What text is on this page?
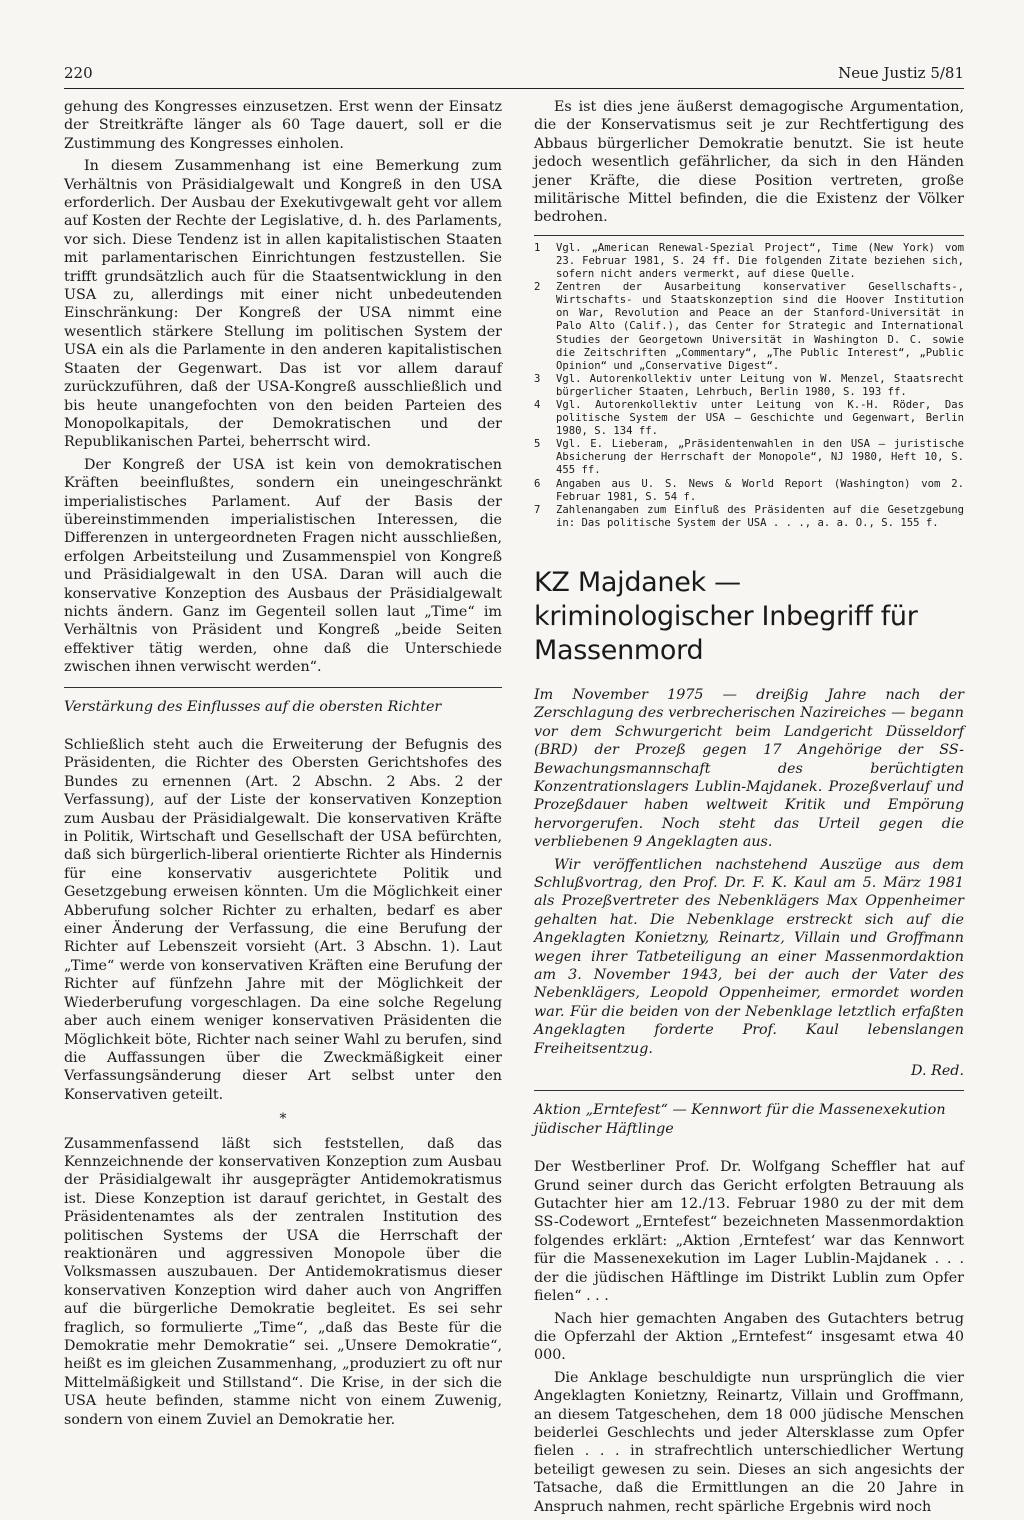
220	Neue Justiz 5/81

gehung des Kongresses einzusetzen. Erst wenn der Einsatz der Streitkräfte länger als 60 Tage dauert, soll er die Zustimmung des Kongresses einholen.

In diesem Zusammenhang ist eine Bemerkung zum Verhältnis von Präsidialgewalt und Kongreß in den USA erforderlich. Der Ausbau der Exekutivgewalt geht vor allem auf Kosten der Rechte der Legislative, d. h. des Parlaments, vor sich. Diese Tendenz ist in allen kapitalistischen Staaten mit parlamentarischen Einrichtungen festzustellen. Sie trifft grundsätzlich auch für die Staatsentwicklung in den USA zu, allerdings mit einer nicht unbedeutenden Einschränkung: Der Kongreß der USA nimmt eine wesentlich stärkere Stellung im politischen System der USA ein als die Parlamente in den anderen kapitalistischen Staaten der Gegenwart. Das ist vor allem darauf zurückzuführen, daß der USA-Kongreß ausschließlich und bis heute unangefochten von den beiden Parteien des Monopolkapitals, der Demokratischen und der Republikanischen Partei, beherrscht wird.

Der Kongreß der USA ist kein von demokratischen Kräften beeinflußtes, sondern ein uneingeschränkt imperialistisches Parlament. Auf der Basis der übereinstimmenden imperialistischen Interessen, die Differenzen in untergeordneten Fragen nicht ausschließen, erfolgen Arbeitsteilung und Zusammenspiel von Kongreß und Präsidialgewalt in den USA. Daran will auch die konservative Konzeption des Ausbaus der Präsidialgewalt nichts ändern. Ganz im Gegenteil sollen laut „Time“ im Verhältnis von Präsident und Kongreß „beide Seiten effektiver tätig werden, ohne daß die Unterschiede zwischen ihnen verwischt werden“.

Verstärkung des Einflusses auf die obersten Richter

Schließlich steht auch die Erweiterung der Befugnis des Präsidenten, die Richter des Obersten Gerichtshofes des Bundes zu ernennen (Art. 2 Abschn. 2 Abs. 2 der Verfassung), auf der Liste der konservativen Konzeption zum Ausbau der Präsidialgewalt. Die konservativen Kräfte in Politik, Wirtschaft und Gesellschaft der USA befürchten, daß sich bürgerlich-liberal orientierte Richter als Hindernis für eine konservativ ausgerichtete Politik und Gesetzgebung erweisen könnten. Um die Möglichkeit einer Abberufung solcher Richter zu erhalten, bedarf es aber einer Änderung der Verfassung, die eine Berufung der Richter auf Lebenszeit vorsieht (Art. 3 Abschn. 1). Laut „Time“ werde von konservativen Kräften eine Berufung der Richter auf fünfzehn Jahre mit der Möglichkeit der Wiederberufung vorgeschlagen. Da eine solche Regelung aber auch einem weniger konservativen Präsidenten die Möglichkeit böte, Richter nach seiner Wahl zu berufen, sind die Auffassungen über die Zweckmäßigkeit einer Verfassungsänderung dieser Art selbst unter den Konservativen geteilt.

*

Zusammenfassend läßt sich feststellen, daß das Kennzeichnende der konservativen Konzeption zum Ausbau der Präsidialgewalt ihr ausgeprägter Antidemokratismus ist. Diese Konzeption ist darauf gerichtet, in Gestalt des Präsidentenamtes als der zentralen Institution des politischen Systems der USA die Herrschaft der reaktionären und aggressiven Monopole über die Volksmassen auszubauen. Der Antidemokratismus dieser konservativen Konzeption wird daher auch von Angriffen auf die bürgerliche Demokratie begleitet. Es sei sehr fraglich, so formulierte „Time“, „daß das Beste für die Demokratie mehr Demokratie“ sei. „Unsere Demokratie“, heißt es im gleichen Zusammenhang, „produziert zu oft nur Mittelmäßigkeit und Stillstand“. Die Krise, in der sich die USA heute befinden, stamme nicht von einem Zuwenig, sondern von einem Zuviel an Demokratie her.

Es ist dies jene äußerst demagogische Argumentation, die der Konservatismus seit je zur Rechtfertigung des Abbaus bürgerlicher Demokratie benutzt. Sie ist heute jedoch wesentlich gefährlicher, da sich in den Händen jener Kräfte, die diese Position vertreten, große militärische Mittel befinden, die die Existenz der Völker bedrohen.

1	Vgl. „American Renewal-Spezial Project“, Time (New York) vom 23. Februar 1981, S. 24 ff. Die folgenden Zitate beziehen sich, sofern nicht anders vermerkt, auf diese Quelle.
2	Zentren der Ausarbeitung konservativer Gesellschafts-, Wirtschafts- und Staatskonzeption sind die Hoover Institution on War, Revolution and Peace an der Stanford-Universität in Palo Alto (Calif.), das Center for Strategic and International Studies der Georgetown Universität in Washington D. C. sowie die Zeitschriften „Commentary“, „The Public Interest“, „Public Opinion“ und „Conservative Digest“.
3	Vgl. Autorenkollektiv unter Leitung von W. Menzel, Staatsrecht bürgerlicher Staaten, Lehrbuch, Berlin 1980, S. 193 ff.
4	Vgl. Autorenkollektiv unter Leitung von K.-H. Röder, Das politische System der USA – Geschichte und Gegenwart, Berlin 1980, S. 134 ff.
5	Vgl. E. Lieberam, „Präsidentenwahlen in den USA – juristische Absicherung der Herrschaft der Monopole“, NJ 1980, Heft 10, S. 455 ff.
6	Angaben aus U. S. News & World Report (Washington) vom 2. Februar 1981, S. 54 f.
7	Zahlenangaben zum Einfluß des Präsidenten auf die Gesetzgebung in: Das politische System der USA . . ., a. a. O., S. 155 f.
KZ Majdanek —
kriminologischer Inbegriff für Massenmord

Im November 1975 — dreißig Jahre nach der Zerschlagung des verbrecherischen Nazireiches — begann vor dem Schwurgericht beim Landgericht Düsseldorf (BRD) der Prozeß gegen 17 Angehörige der SS-Bewachungsmannschaft des berüchtigten Konzentrationslagers Lublin-Majdanek. Prozeßverlauf und Prozeßdauer haben weltweit Kritik und Empörung hervorgerufen. Noch steht das Urteil gegen die verbliebenen 9 Angeklagten aus.

Wir veröffentlichen nachstehend Auszüge aus dem Schlußvortrag, den Prof. Dr. F. K. Kaul am 5. März 1981 als Prozeßvertreter des Nebenklägers Max Oppenheimer gehalten hat. Die Nebenklage erstreckt sich auf die Angeklagten Konietzny, Reinartz, Villain und Groffmann wegen ihrer Tatbeteiligung an einer Massenmordaktion am 3. November 1943, bei der auch der Vater des Nebenklägers, Leopold Oppenheimer, ermordet worden war. Für die beiden von der Nebenklage letztlich erfaßten Angeklagten forderte Prof. Kaul lebenslangen Freiheitsentzug.

D. Red.
Aktion „Erntefest“ — Kennwort für die Massenexekution jüdischer Häftlinge

Der Westberliner Prof. Dr. Wolfgang Scheffler hat auf Grund seiner durch das Gericht erfolgten Betrauung als Gutachter hier am 12./13. Februar 1980 zu der mit dem SS-Codewort „Erntefest“ bezeichneten Massenmordaktion folgendes erklärt: „Aktion ‚Erntefest‘ war das Kennwort für die Massenexekution im Lager Lublin-Majdanek . . . der die jüdischen Häftlinge im Distrikt Lublin zum Opfer fielen“ . . .

Nach hier gemachten Angaben des Gutachters betrug die Opferzahl der Aktion „Erntefest“ insgesamt etwa 40 000.

Die Anklage beschuldigte nun ursprünglich die vier Angeklagten Konietzny, Reinartz, Villain und Groffmann, an diesem Tatgeschehen, dem 18 000 jüdische Menschen beiderlei Geschlechts und jeder Altersklasse zum Opfer fielen . . . in strafrechtlich unterschiedlicher Wertung beteiligt gewesen zu sein. Dieses an sich angesichts der Tatsache, daß die Ermittlungen an die 20 Jahre in Anspruch nahmen, recht spärliche Ergebnis wird noch
